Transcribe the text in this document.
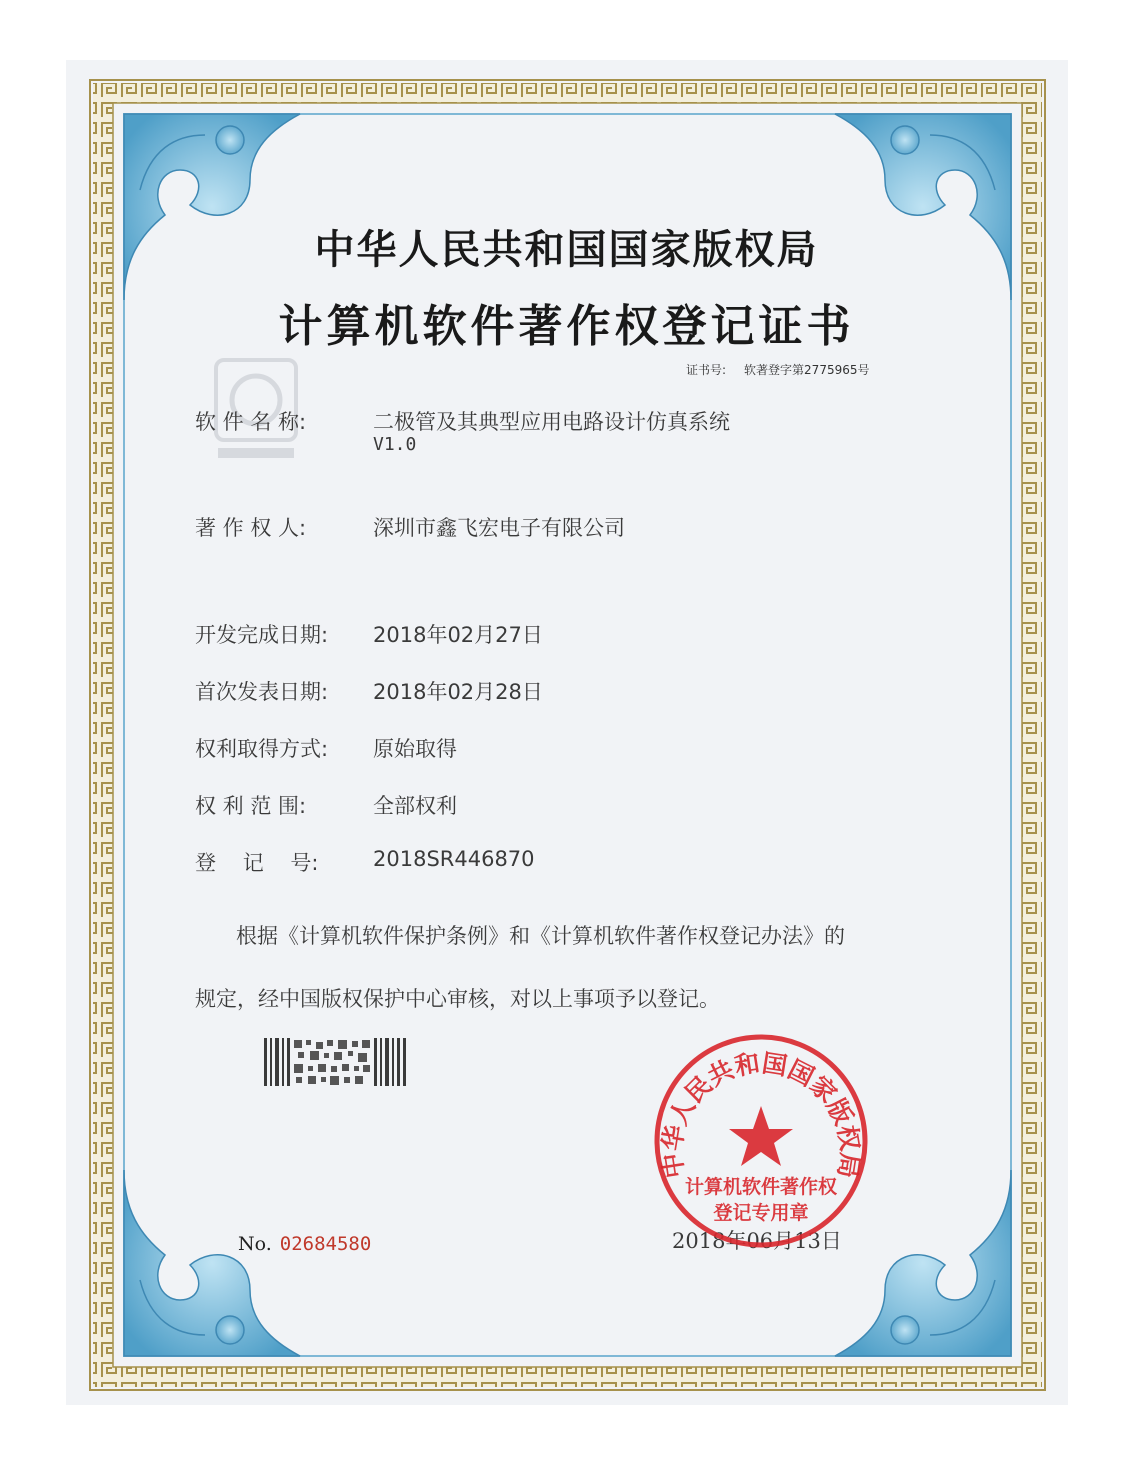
中华人民共和国国家版权局
计算机软件著作权登记证书
证书号: 软著登字第2775965号
软 件 名 称:	二极管及其典型应用电路设计仿真系统
V1.0
著 作 权 人:	深圳市鑫飞宏电子有限公司
开发完成日期: 2018年02月27日
首次发表日期: 2018年02月28日
权利取得方式: 原始取得
权 利 范 围:	全部权利
登    记    号:	2018SR446870
根据《计算机软件保护条例》和《计算机软件著作权登记办法》的
规定，经中国版权保护中心审核，对以上事项予以登记。
No. 02684580	2018年06月13日
中华人民共和国国家版权局
计算机软件著作权
登记专用章
